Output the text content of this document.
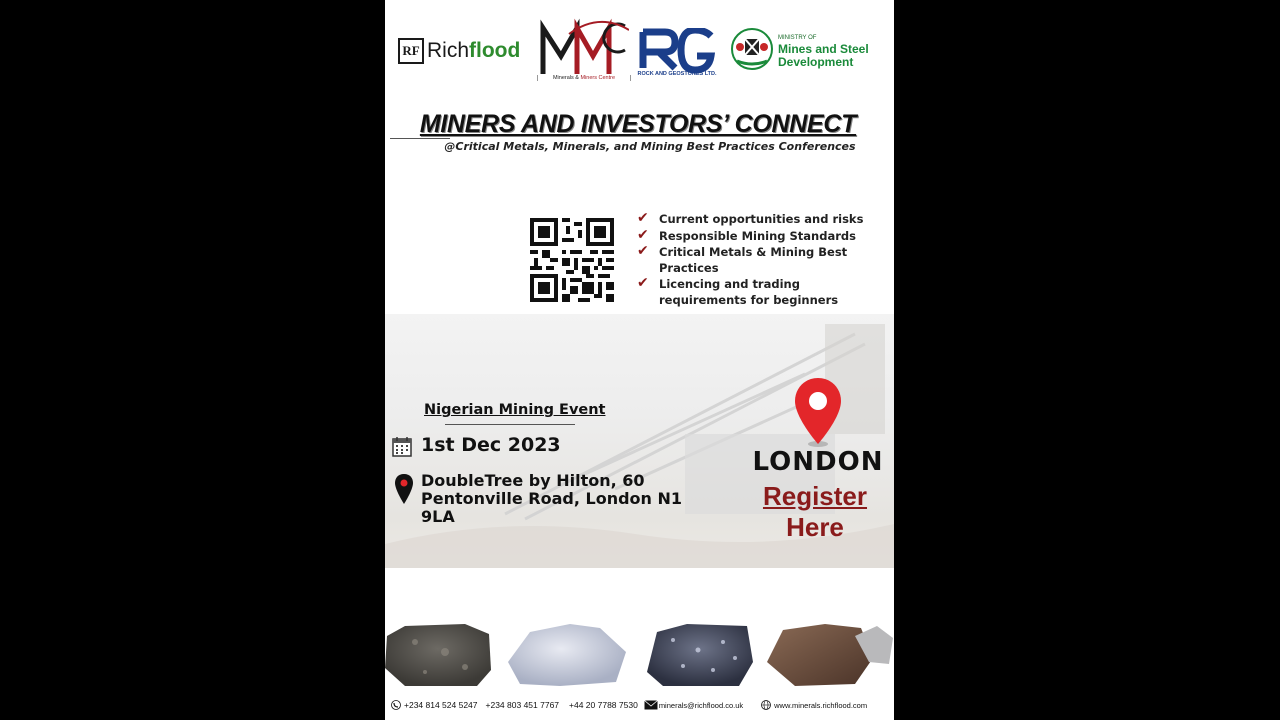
RF Richflood
Minerals & Miners Centre
ROCK AND GEOSTONES LTD.
MINISTRY OF
Mines and Steel
Development
MINERS AND INVESTORS’ CONNECT
@Critical Metals, Minerals, and Mining Best Practices Conferences
✔ Current opportunities and risks
✔ Responsible Mining Standards
✔ Critical Metals & Mining Best Practices
✔ Licencing and trading requirements for beginners
Nigerian Mining Event
1st Dec 2023
DoubleTree by Hilton, 60
Pentonville Road, London N1 9LA
LONDON
Register Here
+234 814 524 5247 +234 803 451 7767 +44 20 7788 7530	minerals@richflood.co.uk	www.minerals.richflood.com
